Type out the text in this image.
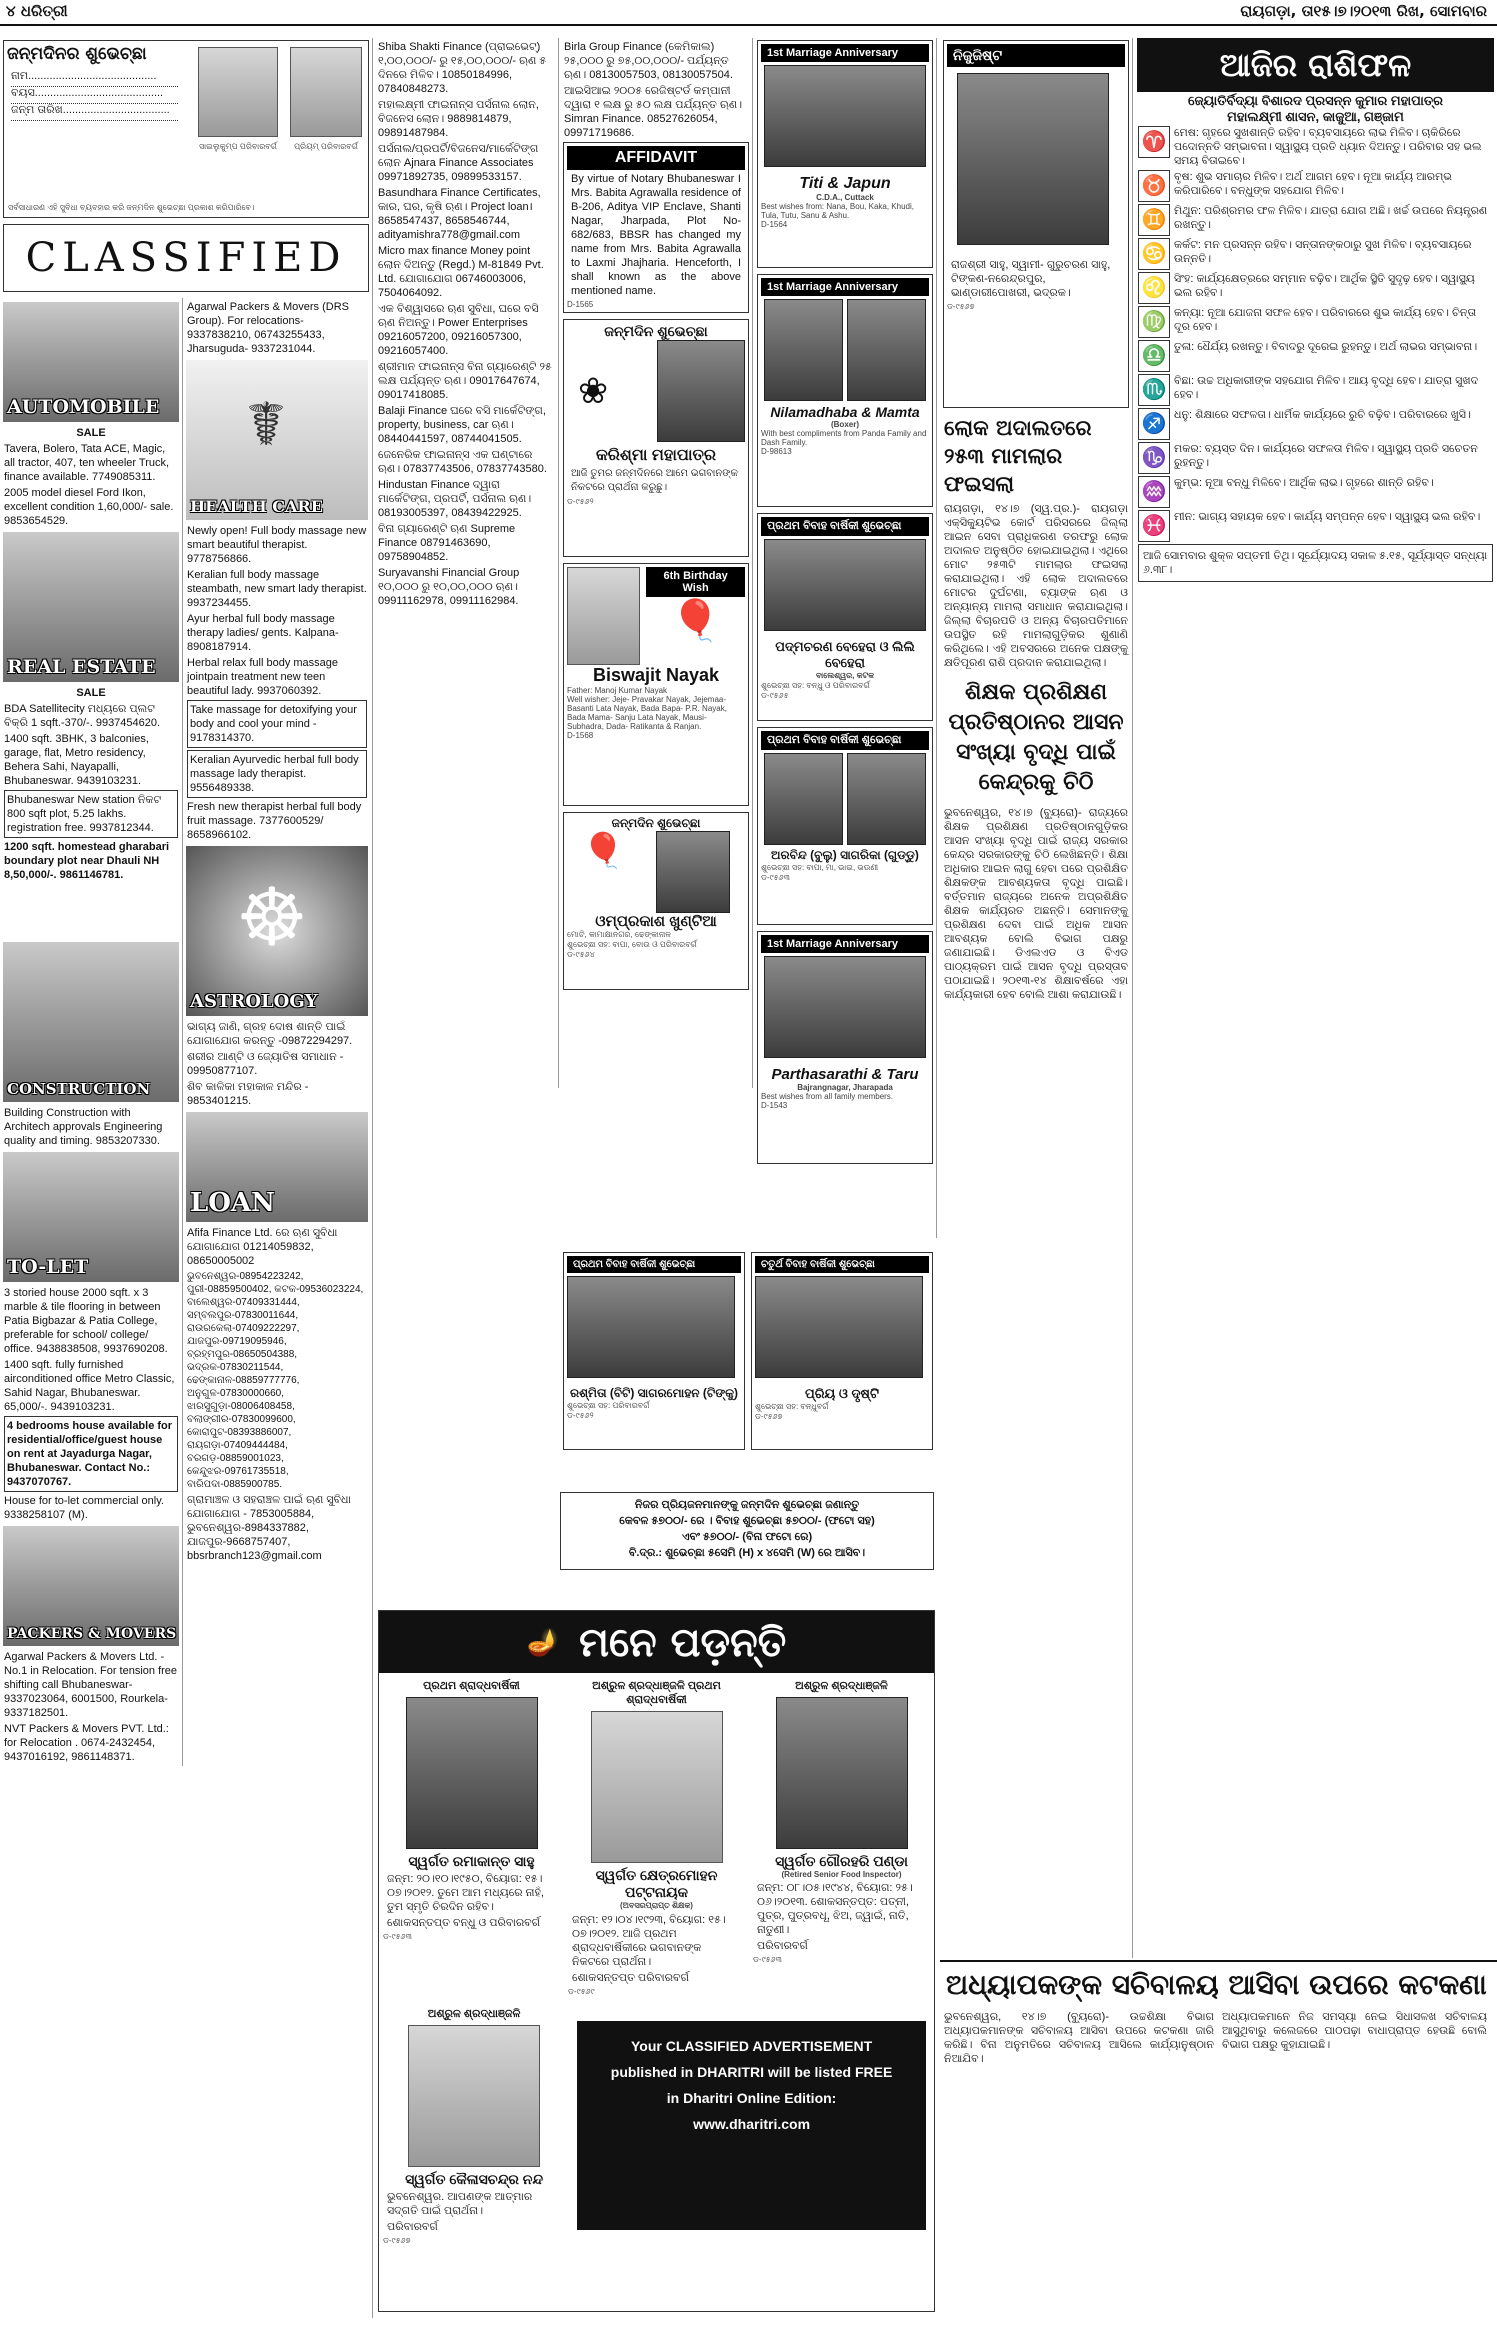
୪ ଧରିତ୍ରୀ	ରାୟଗଡ଼ା, ତା୧୫।୭।୨୦୧୩ ରିଖ, ସୋମବାର
ଜନ୍ମଦିନର ଶୁଭେଚ୍ଛା
ସାଇଲୁକୁମ୍ପ ପରିବାରବର୍ଗ	ପ୍ରିୟମ୍ ପରିବାରବର୍ଗ
ନାମ..........................................
ବୟସ..........................................
ଜନ୍ମ ତାରିଖ...................................
ସର୍ବସାଧାରଣ ଏହି ସୁବିଧା ବ୍ୟବହାର କରି ଜନ୍ମଦିନ ଶୁଭେଚ୍ଛା ପ୍ରକାଶ କରିପାରିବେ।
CLASSIFIED
AUTOMOBILE
SALE
Tavera, Bolero, Tata ACE, Magic, all tractor, 407, ten wheeler Truck, finance available. 7749085311.
2005 model diesel Ford Ikon, excellent condition 1,60,000/- sale. 9853654529.
REAL ESTATE
SALE
BDA Satellitecity ମଧ୍ୟରେ ପ୍ଲଟ ବିକ୍ରି 1 sqft.-370/-. 9937454620.
1400 sqft. 3BHK, 3 balconies, garage, flat, Metro residency, Behera Sahi, Nayapalli, Bhubaneswar. 9439103231.
Bhubaneswar New station ନିକଟ 800 sqft plot, 5.25 lakhs. registration free. 9937812344.
1200 sqft. homestead gharabari boundary plot near Dhauli NH 8,50,000/-. 9861146781.
CONSTRUCTION
Building Construction with Architech approvals Engineering quality and timing. 9853207330.
TO-LET
3 storied house 2000 sqft. x 3 marble & tile flooring in between Patia Bigbazar & Patia College, preferable for school/ college/ office. 9438838508, 9937690208.
1400 sqft. fully furnished airconditioned office Metro Classic, Sahid Nagar, Bhubaneswar. 65,000/-. 9439103231.
4 bedrooms house available for residential/office/guest house on rent at Jayadurga Nagar, Bhubaneswar. Contact No.: 9437070767.
House for to-let commercial only. 9338258107 (M).
PACKERS & MOVERS
Agarwal Packers & Movers Ltd. - No.1 in Relocation. For tension free shifting call Bhubaneswar- 9337023064, 6001500, Rourkela- 9337182501.
NVT Packers & Movers PVT. Ltd.: for Relocation . 0674-2432454, 9437016192, 9861148371.
Agarwal Packers & Movers (DRS Group). For relocations- 9337838210, 06743255433, Jharsuguda- 9337231044.
☤
HEALTH CARE
Newly open! Full body massage new smart beautiful therapist. 9778756866.
Keralian full body massage steambath, new smart lady therapist. 9937234455.
Ayur herbal full body massage therapy ladies/ gents. Kalpana- 8908187914.
Herbal relax full body massage jointpain treatment new teen beautiful lady. 9937060392.
Take massage for detoxifying your body and cool your mind - 9178314370.
Keralian Ayurvedic herbal full body massage lady therapist. 9556489338.
Fresh new therapist herbal full body fruit massage. 7377600529/ 8658966102.
☸
ASTROLOGY
ଭାଗ୍ୟ ଜାଣି, ଗ୍ରହ ଦୋଷ ଶାନ୍ତି ପାଇଁ ଯୋଗାଯୋଗ କରନ୍ତୁ -09872294297.
ଶରୀର ଆଣ୍ଟି ଓ ଜ୍ୟୋତିଷ ସମାଧାନ - 09950877107.
ଶିବ କାଳିକା ମହାକାଳ ମନ୍ଦିର - 9853401215.
LOAN
Afifa Finance Ltd. ରେ ଋଣ ସୁବିଧା ଯୋଗାଯୋଗ 01214059832, 08650005002
ଭୁବନେଶ୍ୱର-08954223242, ପୁରୀ-08859500402, କଟକ-09536023224, ବାଲେଶ୍ୱର-07409331444, ସମ୍ବଲପୁର-07830011644, ରାଉରକେଲା-07409222297, ଯାଜପୁର-09719095946, ବ୍ରହ୍ମପୁର-08650504388, ଭଦ୍ରକ-07830211544, ଢେଙ୍କାନାଳ-08859777776, ଅନୁଗୁଳ-07830000660, ଝାରସୁଗୁଡ଼ା-08006408458, ବଲାଙ୍ଗୀର-07830099600, କୋରାପୁଟ-08393886007, ରାୟଗଡ଼ା-07409444484, ବରଗଡ଼-08859001023, କେନ୍ଦୁଝର-09761735518, ବାରିପଦା-0885900785.
ଗ୍ରାମାଞ୍ଚଳ ଓ ସହରାଞ୍ଚଳ ପାଇଁ ଋଣ ସୁବିଧା ଯୋଗାଯୋଗ - 7853005884, ଭୁବନେଶ୍ୱର-8984337882, ଯାଜପୁର-9668757407, bbsrbranch123@gmail.com
Shiba Shakti Finance (ପ୍ରାଇଭେଟ୍) ୧,୦୦,୦୦୦/- ରୁ ୧୫,୦୦,୦୦୦/- ଋଣ ୫ ଦିନରେ ମିଳିବ। 10850184996, 07840848273.
ମହାଲକ୍ଷ୍ମୀ ଫାଇନାନ୍ସ ପର୍ସନାଲ ଲୋନ, ବିଜନେସ ଲୋନ। 9889814879, 09891487984.
ପର୍ସନାଲ/ପ୍ରପର୍ଟି/ବିଜନେସ/ମାର୍କେଟିଙ୍ଗ ଲୋନ Ajnara Finance Associates 09971892735, 09899533157.
Basundhara Finance Certificates, କାର, ଘର, କୃଷି ଋଣ। Project loan। 8658547437, 8658546744, adityamishra778@gmail.com
Micro max finance Money point ଲୋନ ଦିଅନ୍ତୁ (Regd.) M-81849 Pvt. Ltd. ଯୋଗାଯୋଗ 06746003006, 7504064092.
ଏକ ବିଶ୍ୱାସରେ ଋଣ ସୁବିଧା, ଘରେ ବସି ଋଣ ନିଅନ୍ତୁ। Power Enterprises 09216057200, 09216057300, 09216057400.
ଶ୍ରୀମାନ ଫାଇନାନ୍ସ ବିନା ଗ୍ୟାରେଣ୍ଟି ୨୫ ଲକ୍ଷ ପର୍ଯ୍ୟନ୍ତ ଋଣ। 09017647674, 09017418085.
Balaji Finance ଘରେ ବସି ମାର୍କେଟିଙ୍ଗ, property, business, car ଋଣ। 08440441597, 08744041505.
ଜେନେରିକ ଫାଇନାନ୍ସ ଏକ ଘଣ୍ଟାରେ ଋଣ। 07837743506, 07837743580.
Hindustan Finance ଦ୍ୱାରା ମାର୍କେଟିଙ୍ଗ, ପ୍ରପର୍ଟି, ପର୍ସନାଲ ଋଣ। 08193005397, 08439422925.
ବିନା ଗ୍ୟାରେଣ୍ଟି ଋଣ Supreme Finance 08791463690, 09758904852.
Suryavanshi Financial Group ୧୦,୦୦୦ ରୁ ୧୦,୦୦,୦୦୦ ଋଣ। 09911162978, 09911162984.
Birla Group Finance (କେମିକାଲ) ୨୫,୦୦୦ ରୁ ୭୫,୦୦,୦୦୦/- ପର୍ଯ୍ୟନ୍ତ ଋଣ। 08130057503, 08130057504.
ଆଇସିଆଇ ୨୦୦୫ ରେଜିଷ୍ଟର୍ଡ କମ୍ପାନୀ ଦ୍ୱାରା ୧ ଲକ୍ଷ ରୁ ୫୦ ଲକ୍ଷ ପର୍ଯ୍ୟନ୍ତ ଋଣ। Simran Finance. 08527626054, 09971719686.
AFFIDAVIT
By virtue of Notary Bhubaneswar I Mrs. Babita Agrawalla residence of B-206, Aditya VIP Enclave, Shanti Nagar, Jharpada, Plot No- 682/683, BBSR has changed my name from Mrs. Babita Agrawalla to Laxmi Jhajharia. Henceforth, I shall known as the above mentioned name.
D-1565
ଜନ୍ମଦିନ ଶୁଭେଚ୍ଛା
❀
କରିଶ୍ମା ମହାପାତ୍ର
ଆଜି ତୁମର ଜନ୍ମଦିନରେ ଆମେ ଭଗବାନଙ୍କ ନିକଟରେ ପ୍ରାର୍ଥନା କରୁଛୁ।
ଡ-୯୫୬୨
6th Birthday Wish
🎈
Biswajit Nayak
Father: Manoj Kumar Nayak
Well wisher: Jeje- Pravakar Nayak, Jejemaa- Basanti Lata Nayak, Bada Bapa- P.R. Nayak, Bada Mama- Sanju Lata Nayak, Mausi- Subhadra, Dada- Ratikanta & Ranjan.
D-1568
ଜନ୍ମଦିନ ଶୁଭେଚ୍ଛା
🎈
ଓମ୍‌ପ୍ରକାଶ ଖୁଣ୍ଟିଆ
ମୋଚି, କାମାକ୍ଷାନଗର, ଢେଙ୍କାନାଳ
ଶୁଭେଚ୍ଛା ସହ: ବାପା, ବୋଉ ଓ ପରିବାରବର୍ଗ
ଡ-୯୫୬୪
1st Marriage Anniversary
Titi & Japun
C.D.A., Cuttack
Best wishes from: Nana, Bou, Kaka, Khudi, Tula, Tutu, Sanu & Ashu.
D-1564
1st Marriage Anniversary
Nilamadhaba & Mamta
(Boxer)
With best compliments from Panda Family and Dash Family.
D-98613
ପ୍ରଥମ ବିବାହ ବାର୍ଷିକୀ ଶୁଭେଚ୍ଛା
ପଦ୍ମଚରଣ ବେହେରା ଓ ଲିଲି ବେହେରା
ବାଲେଶ୍ୱର, କଟକ
ଶୁଭେଚ୍ଛା ସହ: ବନ୍ଧୁ ଓ ପରିବାରବର୍ଗ
ଡ-୯୫୬୫
ପ୍ରଥମ ବିବାହ ବାର୍ଷିକୀ ଶୁଭେଚ୍ଛା
ଅରବିନ୍ଦ (ବୁଲୁ) ସାଗରିକା (ଗୁଡ୍ଡୁ)
ଶୁଭେଚ୍ଛା ସହ: ବାପା, ମା, ଭାଇ, ଭଉଣୀ
ଡ-୯୫୬୩
1st Marriage Anniversary
Parthasarathi & Taru
Bajrangnagar, Jharapada
Best wishes from all family members.
D-1543
ପ୍ରଥମ ବିବାହ ବାର୍ଷିକୀ ଶୁଭେଚ୍ଛା
ରଶ୍ମିତା (ବିଟି) ସାଗରମୋହନ (ଟିଙ୍କୁ)
ଶୁଭେଚ୍ଛା ସହ: ପରିବାରବର୍ଗ
ଡ-୯୫୬୨
ଚତୁର୍ଥ ବିବାହ ବାର୍ଷିକୀ ଶୁଭେଚ୍ଛା
ପ୍ରିୟ ଓ ଦୃଷ୍ଟି
ଶୁଭେଚ୍ଛା ସହ: ବନ୍ଧୁବର୍ଗ
ଡ-୯୫୬୭
ନିଜର ପ୍ରିୟଜନମାନଙ୍କୁ ଜନ୍ମଦିନ ଶୁଭେଚ୍ଛା ଜଣାନ୍ତୁ
କେବଳ ୫୭୦୦/- ରେ । ବିବାହ ଶୁଭେଚ୍ଛା ୫୭୦୦/- (ଫଟୋ ସହ)
ଏବଂ ୫୭୦୦/- (ବିନା ଫଟୋ ରେ)
ବି.ଦ୍ର.: ଶୁଭେଚ୍ଛା ୫ସେମି (H) x ୪ସେମି (W) ରେ ଆସିବ।
🪔 ମନେ ପଡ଼ନ୍ତି
ପ୍ରଥମ ଶ୍ରାଦ୍ଧବାର୍ଷିକୀ
ସ୍ୱର୍ଗତ ରମାକାନ୍ତ ସାହୁ
ଜନ୍ମ: ୨୦।୧୦।୧୯୫୦, ବିୟୋଗ: ୧୫।୦୭।୨୦୧୨. ତୁମେ ଆମ ମଧ୍ୟରେ ନାହଁ, ତୁମ ସ୍ମୃତି ଚିରଦିନ ରହିବ।
ଶୋକସନ୍ତପ୍ତ ବନ୍ଧୁ ଓ ପରିବାରବର୍ଗ
ଡ-୯୫୬୩
ଅଶ୍ରୁଳ ଶ୍ରଦ୍ଧାଞ୍ଜଳି ପ୍ରଥମ ଶ୍ରାଦ୍ଧବାର୍ଷିକୀ
ସ୍ୱର୍ଗତ କ୍ଷେତ୍ରମୋହନ ପଟ୍ଟନାୟକ
(ଅବସରପ୍ରାପ୍ତ ଶିକ୍ଷକ)
ଜନ୍ମ: ୧୨।୦୪।୧୯୨୩, ବିୟୋଗ: ୧୫।୦୭।୨୦୧୨. ଆଜି ପ୍ରଥମ ଶ୍ରାଦ୍ଧବାର୍ଷିକୀରେ ଭଗବାନଙ୍କ ନିକଟରେ ପ୍ରାର୍ଥନା।
ଶୋକସନ୍ତପ୍ତ ପରିବାରବର୍ଗ
ଡ-୯୫୬୯
ଅଶ୍ରୁଳ ଶ୍ରଦ୍ଧାଞ୍ଜଳି
ସ୍ୱର୍ଗତ ଗୌରହରି ପଣ୍ଡା
(Retired Senior Food Inspector)
ଜନ୍ମ: ୦୮।୦୫।୧୯୪୪, ବିୟୋଗ: ୨୫।୦୬।୨୦୧୩. ଶୋକସନ୍ତପ୍ତ: ପତ୍ନୀ, ପୁତ୍ର, ପୁତ୍ରବଧୂ, ଝିଅ, ଜ୍ୱାଇଁ, ନାତି, ନାତୁଣୀ।
ପରିବାରବର୍ଗ
ଡ-୯୫୬୩
ଅଶ୍ରୁଳ ଶ୍ରଦ୍ଧାଞ୍ଜଳି
ସ୍ୱର୍ଗତ କୈଳାସଚନ୍ଦ୍ର ନନ୍ଦ
ଭୁବନେଶ୍ୱର. ଆପଣଙ୍କ ଆତ୍ମାର ସଦ୍‌ଗତି ପାଇଁ ପ୍ରାର୍ଥନା।
ପରିବାରବର୍ଗ
ଡ-୯୫୬୭
Your CLASSIFIED ADVERTISEMENT
published in DHARITRI will be listed FREE
in Dharitri Online Edition:
www.dharitri.com
ନିଜୁଜିଷ୍ଟ
ରାଜଶ୍ରୀ ସାହୁ, ସ୍ୱାମୀ- ଗୁରୁଚରଣ ସାହୁ, ଟିଙ୍କଣ-ନରେନ୍ଦ୍ରପୁର, ଭାଣ୍ଡାରୀପୋଖରୀ, ଭଦ୍ରକ।
ଡ-୯୫୬୭
ଲୋକ ଅଦାଲତରେ ୨୫୩ ମାମଲାର ଫଇସଲା
ରାୟଗଡ଼ା, ୧୪।୭ (ସ୍ୱ.ପ୍ର.)- ରାୟଗଡ଼ା ଏକ୍ସିକ୍ୟୁଟିଭ କୋର୍ଟ ପରିସରରେ ଜିଲ୍ଲା ଆଇନ ସେବା ପ୍ରାଧିକରଣ ତରଫରୁ ଲୋକ ଅଦାଲତ ଅନୁଷ୍ଠିତ ହୋଇଯାଇଥିଲା। ଏଥିରେ ମୋଟ ୨୫୩ଟି ମାମଲାର ଫଇସଲା କରାଯାଇଥିଲା। ଏହି ଲୋକ ଅଦାଲତରେ ମୋଟର ଦୁର୍ଘଟଣା, ବ୍ୟାଙ୍କ ଋଣ ଓ ଅନ୍ୟାନ୍ୟ ମାମଲା ସମାଧାନ କରାଯାଇଥିଲା। ଜିଲ୍ଲା ବିଚାରପତି ଓ ଅନ୍ୟ ବିଚାରପତିମାନେ ଉପସ୍ଥିତ ରହି ମାମଲାଗୁଡ଼ିକର ଶୁଣାଣି କରିଥିଲେ। ଏହି ଅବସରରେ ଅନେକ ପକ୍ଷଙ୍କୁ କ୍ଷତିପୂରଣ ରାଶି ପ୍ରଦାନ କରାଯାଇଥିଲା।
ଶିକ୍ଷକ ପ୍ରଶିକ୍ଷଣ ପ୍ରତିଷ୍ଠାନର ଆସନ ସଂଖ୍ୟା ବୃଦ୍ଧି ପାଇଁ କେନ୍ଦ୍ରକୁ ଚିଠି
ଭୁବନେଶ୍ୱର, ୧୪।୭ (ବ୍ୟୁରୋ)- ରାଜ୍ୟରେ ଶିକ୍ଷକ ପ୍ରଶିକ୍ଷଣ ପ୍ରତିଷ୍ଠାନଗୁଡ଼ିକର ଆସନ ସଂଖ୍ୟା ବୃଦ୍ଧି ପାଇଁ ରାଜ୍ୟ ସରକାର କେନ୍ଦ୍ର ସରକାରଙ୍କୁ ଚିଠି ଲେଖିଛନ୍ତି। ଶିକ୍ଷା ଅଧିକାର ଆଇନ ଲାଗୁ ହେବା ପରେ ପ୍ରଶିକ୍ଷିତ ଶିକ୍ଷକଙ୍କ ଆବଶ୍ୟକତା ବୃଦ୍ଧି ପାଇଛି। ବର୍ତ୍ତମାନ ରାଜ୍ୟରେ ଅନେକ ଅପ୍ରଶିକ୍ଷିତ ଶିକ୍ଷକ କାର୍ଯ୍ୟରତ ଅଛନ୍ତି। ସେମାନଙ୍କୁ ପ୍ରଶିକ୍ଷଣ ଦେବା ପାଇଁ ଅଧିକ ଆସନ ଆବଶ୍ୟକ ବୋଲି ବିଭାଗ ପକ୍ଷରୁ ଜଣାଯାଇଛି। ଡିଏଲଏଡ ଓ ବିଏଡ ପାଠ୍ୟକ୍ରମ ପାଇଁ ଆସନ ବୃଦ୍ଧି ପ୍ରସ୍ତାବ ପଠାଯାଇଛି। ୨୦୧୩-୧୪ ଶିକ୍ଷାବର୍ଷରେ ଏହା କାର୍ଯ୍ୟକାରୀ ହେବ ବୋଲି ଆଶା କରାଯାଉଛି।
ଅଧ୍ୟାପକଙ୍କ ସଚିବାଳୟ ଆସିବା ଉପରେ କଟକଣା
ଭୁବନେଶ୍ୱର, ୧୪।୭ (ବ୍ୟୁରୋ)- ଉଚ୍ଚଶିକ୍ଷା ବିଭାଗ ଅଧ୍ୟାପକମାନଙ୍କ ସଚିବାଳୟ ଆସିବା ଉପରେ କଟକଣା ଜାରି କରିଛି। ବିନା ଅନୁମତିରେ ସଚିବାଳୟ ଆସିଲେ କାର୍ଯ୍ୟାନୁଷ୍ଠାନ ନିଆଯିବ।
ଅଧ୍ୟାପକମାନେ ନିଜ ସମସ୍ୟା ନେଇ ସିଧାସଳଖ ସଚିବାଳୟ ଆସୁଥିବାରୁ କଲେଜରେ ପାଠପଢ଼ା ବାଧାପ୍ରାପ୍ତ ହେଉଛି ବୋଲି ବିଭାଗ ପକ୍ଷରୁ କୁହାଯାଇଛି।
ଆଜିର ରାଶିଫଳ
ଜ୍ୟୋତିର୍ବିଦ୍ୟା ବିଶାରଦ ପ୍ରସନ୍ନ କୁମାର ମହାପାତ୍ର
ମହାଲକ୍ଷ୍ମୀ ଶାସନ, କାଜୁଆ, ଗଞ୍ଜାମ
♈ ମେଷ: ଗୃହରେ ସୁଖଶାନ୍ତି ରହିବ। ବ୍ୟବସାୟରେ ଲାଭ ମିଳିବ। ଚାକିରିରେ ପଦୋନ୍ନତି ସମ୍ଭାବନା। ସ୍ୱାସ୍ଥ୍ୟ ପ୍ରତି ଧ୍ୟାନ ଦିଅନ୍ତୁ। ପରିବାର ସହ ଭଲ ସମୟ ବିତାଇବେ।
♉ ବୃଷ: ଶୁଭ ସମାଚାର ମିଳିବ। ଅର୍ଥ ଆଗମ ହେବ। ନୂଆ କାର୍ଯ୍ୟ ଆରମ୍ଭ କରିପାରିବେ। ବନ୍ଧୁଙ୍କ ସହଯୋଗ ମିଳିବ।
♊ ମିଥୁନ: ପରିଶ୍ରମର ଫଳ ମିଳିବ। ଯାତ୍ରା ଯୋଗ ଅଛି। ଖର୍ଚ୍ଚ ଉପରେ ନିୟନ୍ତ୍ରଣ ରଖନ୍ତୁ।
♋ କର୍କଟ: ମନ ପ୍ରସନ୍ନ ରହିବ। ସନ୍ତାନଙ୍କଠାରୁ ସୁଖ ମିଳିବ। ବ୍ୟବସାୟରେ ଉନ୍ନତି।
♌ ସିଂହ: କାର୍ଯ୍ୟକ୍ଷେତ୍ରରେ ସମ୍ମାନ ବଢ଼ିବ। ଆର୍ଥିକ ସ୍ଥିତି ସୁଦୃଢ଼ ହେବ। ସ୍ୱାସ୍ଥ୍ୟ ଭଲ ରହିବ।
♍ କନ୍ୟା: ନୂଆ ଯୋଜନା ସଫଳ ହେବ। ପରିବାରରେ ଶୁଭ କାର୍ଯ୍ୟ ହେବ। ଚିନ୍ତା ଦୂର ହେବ।
♎ ତୁଳା: ଧୈର୍ଯ୍ୟ ରଖନ୍ତୁ। ବିବାଦରୁ ଦୂରେଇ ରୁହନ୍ତୁ। ଅର୍ଥ ଲାଭର ସମ୍ଭାବନା।
♏ ବିଛା: ଉଚ୍ଚ ଅଧିକାରୀଙ୍କ ସହଯୋଗ ମିଳିବ। ଆୟ ବୃଦ୍ଧି ହେବ। ଯାତ୍ରା ସୁଖଦ ହେବ।
♐ ଧନୁ: ଶିକ୍ଷାରେ ସଫଳତା। ଧାର୍ମିକ କାର୍ଯ୍ୟରେ ରୁଚି ବଢ଼ିବ। ପରିବାରରେ ଖୁସି।
♑ ମକର: ବ୍ୟସ୍ତ ଦିନ। କାର୍ଯ୍ୟରେ ସଫଳତା ମିଳିବ। ସ୍ୱାସ୍ଥ୍ୟ ପ୍ରତି ସଚେତନ ରୁହନ୍ତୁ।
♒ କୁମ୍ଭ: ନୂଆ ବନ୍ଧୁ ମିଳିବେ। ଆର୍ଥିକ ଲାଭ। ଗୃହରେ ଶାନ୍ତି ରହିବ।
♓ ମୀନ: ଭାଗ୍ୟ ସହାୟକ ହେବ। କାର୍ଯ୍ୟ ସମ୍ପନ୍ନ ହେବ। ସ୍ୱାସ୍ଥ୍ୟ ଭଲ ରହିବ।
ଆଜି ସୋମବାର ଶୁକ୍ଳ ସପ୍ତମୀ ତିଥି। ସୂର୍ଯ୍ୟୋଦୟ ସକାଳ ୫.୧୫, ସୂର୍ଯ୍ୟାସ୍ତ ସନ୍ଧ୍ୟା ୬.୩୮।
